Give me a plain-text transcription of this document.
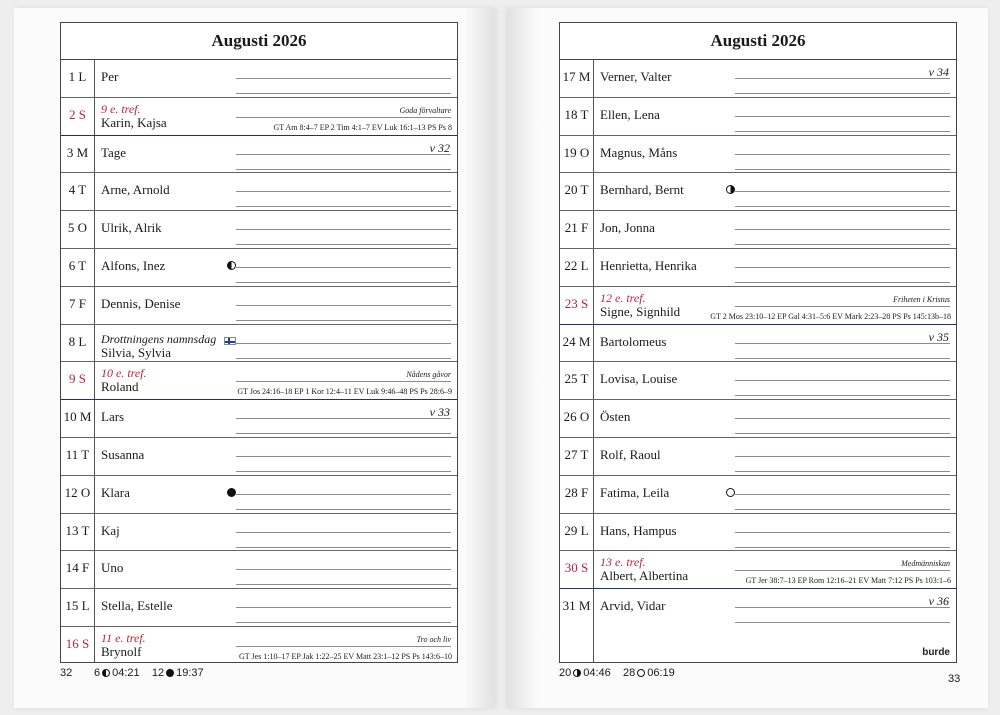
Augusti 2026
1 L	Per
2 S	9 e. tref.
Karin, Kajsa
Goda förvaltare
GT Am 8:4–7 EP 2 Tim 4:1–7 EV Luk 16:1–13 PS Ps 8
3 M Tage	v 32
4 T	Arne, Arnold
5 O	Ulrik, Alrik
6 T	Alfons, Inez
7 F	Dennis, Denise
8 L	Drottningens namnsdag
Silvia, Sylvia
9 S	10 e. tref.
Roland
Nådens gåvor
GT Jos 24:16–18 EP 1 Kor 12:4–11 EV Luk 9:46–48 PS Ps 28:6–9
10 M Lars	v 33
11 T Susanna
12 O Klara
13 T Kaj
14 F Uno
15 L Stella, Estelle
16 S 11 e. tref.
Brynolf
Tro och liv
GT Jes 1:10–17 EP Jak 1:22–25 EV Matt 23:1–12 PS Ps 143:6–10
32 6 04:21 12 19:37
Augusti 2026
17 M Verner, Valter	v 34
18 T Ellen, Lena
19 O Magnus, Måns
20 T Bernhard, Bernt
21 F Jon, Jonna
22 L Henrietta, Henrika
23 S 12 e. tref.
Signe, Signhild
Friheten i Kristus
GT 2 Mos 23:10–12 EP Gal 4:31–5:6 EV Mark 2:23–28 PS Ps 145:13b–18
24 M Bartolomeus	v 35
25 T Lovisa, Louise
26 O Östen
27 T Rolf, Raoul
28 F Fatima, Leila
29 L Hans, Hampus
30 S 13 e. tref.
Albert, Albertina
Medmänniskan
GT Jer 38:7–13 EP Rom 12:16–21 EV Matt 7:12 PS Ps 103:1–6
31 M Arvid, Vidar	v 36
burde
20 04:46 28 06:19	33
